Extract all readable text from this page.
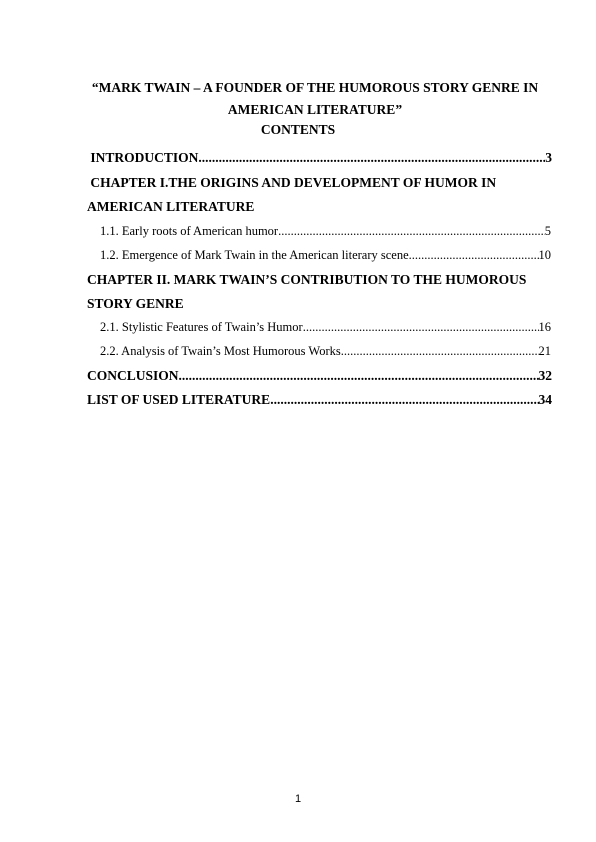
“MARK TWAIN – A FOUNDER OF THE HUMOROUS STORY GENRE IN
AMERICAN LITERATURE”
CONTENTS
INTRODUCTION .....	3
CHAPTER I.THE ORIGINS AND DEVELOPMENT OF HUMOR IN
AMERICAN LITERATURE
1.1. Early roots of American humor .....	5
1.2. Emergence of Mark Twain in the American literary scene .....	10
CHAPTER II. MARK TWAIN’S CONTRIBUTION TO THE HUMOROUS
STORY GENRE
2.1. Stylistic Features of Twain’s Humor .....	16
2.2. Analysis of Twain’s Most Humorous Works .....	21
CONCLUSION .....	32
LIST OF USED LITERATURE .....	34
1
